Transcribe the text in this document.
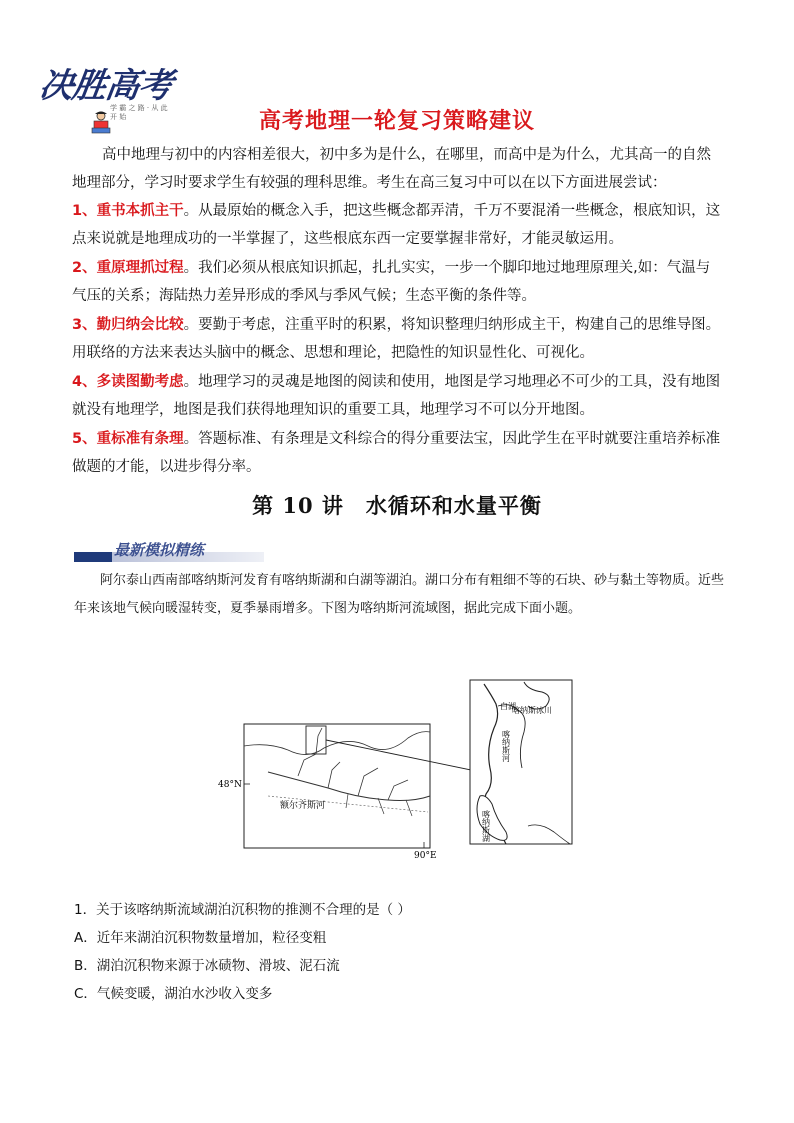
决胜高考
学 霸 之 路 · 从 此 开 始	高考地理一轮复习策略建议
高中地理与初中的内容相差很大，初中多为是什么，在哪里，而高中是为什么，尤其高一的自然地理部分，学习时要求学生有较强的理科思维。考生在高三复习中可以在以下方面进展尝试：
1、重书本抓主干。从最原始的概念入手，把这些概念都弄清，千万不要混淆一些概念，根底知识，这点来说就是地理成功的一半掌握了，这些根底东西一定要掌握非常好，才能灵敏运用。
2、重原理抓过程。我们必须从根底知识抓起，扎扎实实，一步一个脚印地过地理原理关,如：气温与气压的关系；海陆热力差异形成的季风与季风气候；生态平衡的条件等。
3、勤归纳会比较。要勤于考虑，注重平时的积累，将知识整理归纳形成主干，构建自己的思维导图。用联络的方法来表达头脑中的概念、思想和理论，把隐性的知识显性化、可视化。
4、多读图勤考虑。地理学习的灵魂是地图的阅读和使用，地图是学习地理必不可少的工具，没有地图就没有地理学，地图是我们获得地理知识的重要工具，地理学习不可以分开地图。
5、重标准有条理。答题标准、有条理是文科综合的得分重要法宝，因此学生在平时就要注重培养标准做题的才能，以进步得分率。
第 10 讲 水循环和水量平衡
最新模拟精练
阿尔泰山西南部喀纳斯河发育有喀纳斯湖和白湖等湖泊。湖口分布有粗细不等的石块、砂与黏土等物质。近些年来该地气候向暖湿转变，夏季暴雨增多。下图为喀纳斯河流域图，据此完成下面小题。
48°N
90°E
额尔齐斯河
白湖
喀纳斯冰川
喀纳斯河
喀纳斯湖
1．关于该喀纳斯流域湖泊沉积物的推测不合理的是（ ）
A．近年来湖泊沉积物数量增加，粒径变粗
B．湖泊沉积物来源于冰碛物、滑坡、泥石流
C．气候变暖，湖泊水沙收入变多
